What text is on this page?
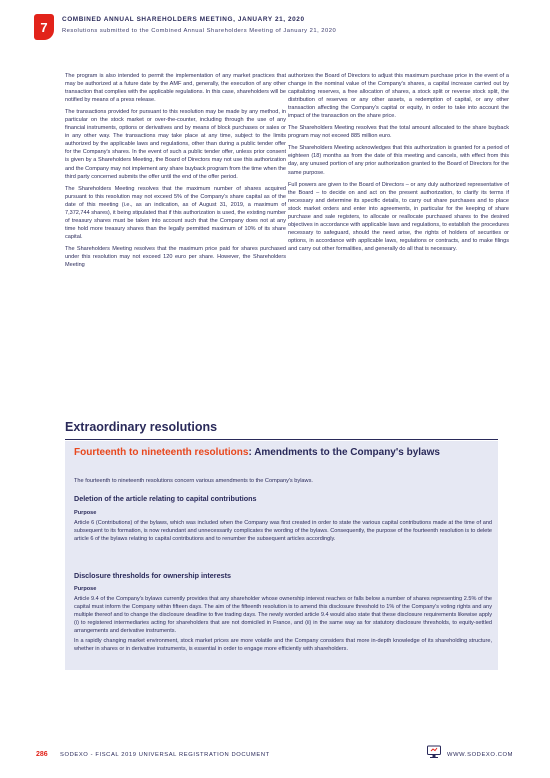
7	COMBINED ANNUAL SHAREHOLDERS MEETING, JANUARY 21, 2020
Resolutions submitted to the Combined Annual Shareholders Meeting of January 21, 2020

The program is also intended to permit the implementation of any market practices that may be authorized at a future date by the AMF and, generally, the execution of any other transaction that complies with the applicable regulations. In this case, shareholders will be notified by means of a press release.

The transactions provided for pursuant to this resolution may be made by any method, in particular on the stock market or over-the-counter, including through the use of any financial instruments, options or derivatives and by means of block purchases or sales or in any other way. The transactions may take place at any time, subject to the limits authorized by the applicable laws and regulations, other than during a public tender offer for the Company's shares. In the event of such a public tender offer, unless prior consent is given by a Shareholders Meeting, the Board of Directors may not use this authorization and the Company may not implement any share buyback program from the time when the third party concerned submits the offer until the end of the offer period.

The Shareholders Meeting resolves that the maximum number of shares acquired pursuant to this resolution may not exceed 5% of the Company's share capital as of the date of this meeting (i.e., as an indication, as of August 31, 2019, a maximum of 7,372,744 shares), it being stipulated that if this authorization is used, the existing number of treasury shares must be taken into account such that the Company does not at any time hold more treasury shares than the legally permitted maximum of 10% of its share capital.

The Shareholders Meeting resolves that the maximum price paid for shares purchased under this resolution may not exceed 120 euro per share. However, the Shareholders Meeting

authorizes the Board of Directors to adjust this maximum purchase price in the event of a change in the nominal value of the Company's shares, a capital increase carried out by capitalizing reserves, a free allocation of shares, a stock split or reverse stock split, the distribution of reserves or any other assets, a redemption of capital, or any other transaction affecting the Company's capital or equity, in order to take into account the impact of the transaction on the share price.

The Shareholders Meeting resolves that the total amount allocated to the share buyback program may not exceed 885 million euro.

The Shareholders Meeting acknowledges that this authorization is granted for a period of eighteen (18) months as from the date of this meeting and cancels, with effect from this day, any unused portion of any prior authorization granted to the Board of Directors for the same purpose.

Full powers are given to the Board of Directors – or any duly authorized representative of the Board – to decide on and act on the present authorization, to clarify its terms if necessary and determine its specific details, to carry out share purchases and to place stock market orders and enter into agreements, in particular for the keeping of share purchase and sale registers, to allocate or reallocate purchased shares to the desired objectives in accordance with applicable laws and regulations, to establish the procedures necessary to safeguard, should the need arise, the rights of holders of securities or options, in accordance with applicable laws, regulations or contracts, and to make filings and carry out other formalities, and generally do all that is necessary.

Extraordinary resolutions
Fourteenth to nineteenth resolutions: Amendments to the Company's bylaws
The fourteenth to nineteenth resolutions concern various amendments to the Company's bylaws.
Deletion of the article relating to capital contributions
Purpose

Article 6 (Contributions) of the bylaws, which was included when the Company was first created in order to state the various capital contributions made at the time of and subsequent to its formation, is now redundant and unnecessarily complicates the wording of the bylaws. Consequently, the purpose of the fourteenth resolution is to delete article 6 of the bylaws relating to capital contributions and to renumber the subsequent articles accordingly.

Disclosure thresholds for ownership interests
Purpose

Article 9.4 of the Company's bylaws currently provides that any shareholder whose ownership interest reaches or falls below a number of shares representing 2.5% of the capital must inform the Company within fifteen days. The aim of the fifteenth resolution is to amend this disclosure threshold to 1% of the Company's voting rights and any multiple thereof and to change the disclosure deadline to five trading days. The newly worded article 9.4 would also state that these disclosure requirements likewise apply (i) to registered intermediaries acting for shareholders that are not domiciled in France, and (ii) in the same way as for statutory disclosure thresholds, to equity-settled arrangements and derivative instruments.

In a rapidly changing market environment, stock market prices are more volatile and the Company considers that more in-depth knowledge of its shareholding structure, whether in shares or in derivative instruments, is essential in order to engage more efficiently with shareholders.

286 SODEXO - FISCAL 2019 UNIVERSAL REGISTRATION DOCUMENT	WWW.SODEXO.COM
